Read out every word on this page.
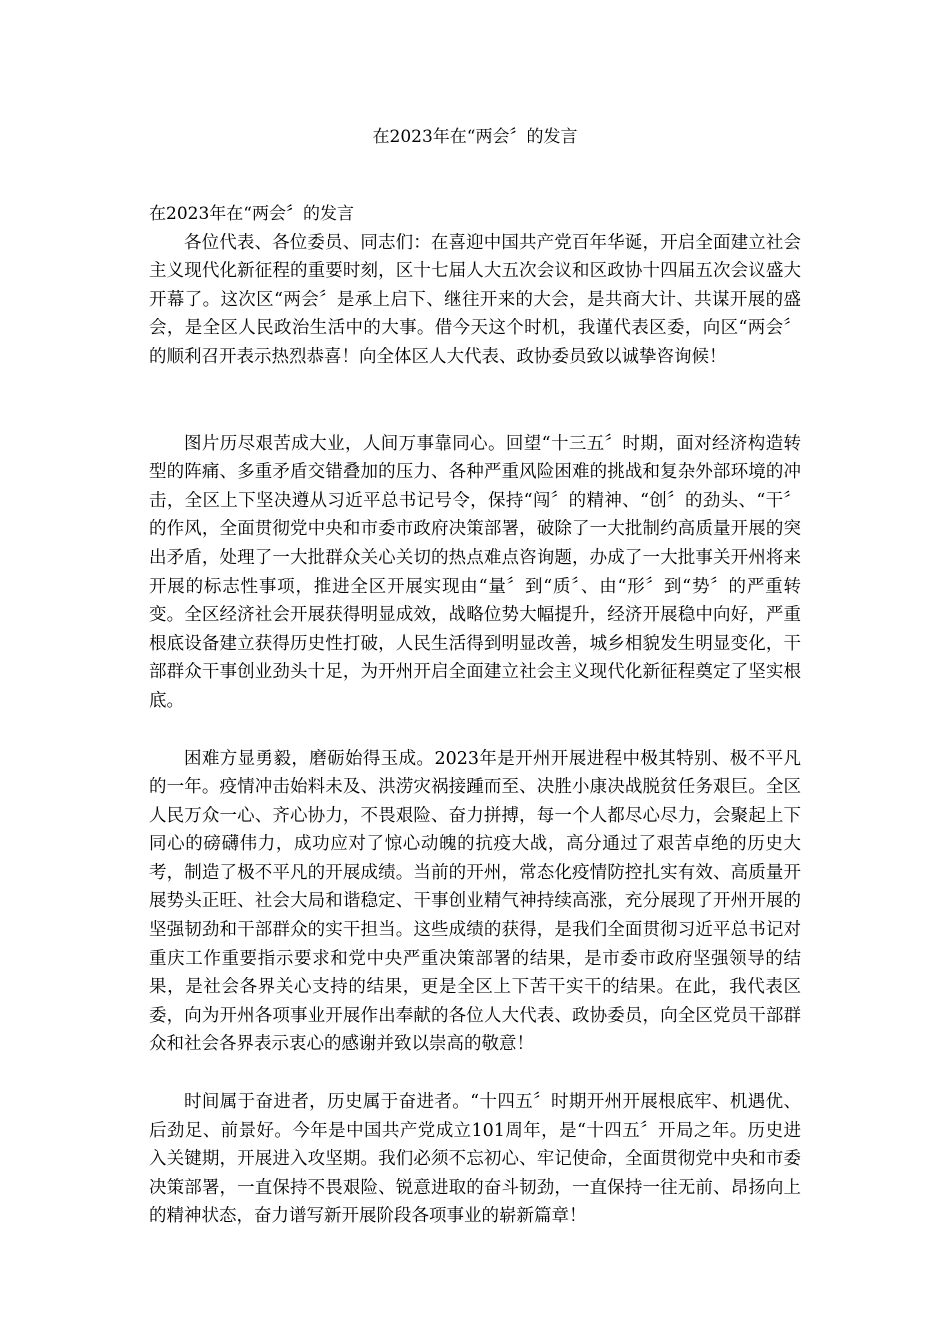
在2023年在“两会〞的发言

在2023年在“两会〞的发言

各位代表、各位委员、同志们：在喜迎中国共产党百年华诞，开启全面建立社会主义现代化新征程的重要时刻，区十七届人大五次会议和区政协十四届五次会议盛大开幕了。这次区“两会〞是承上启下、继往开来的大会，是共商大计、共谋开展的盛会，是全区人民政治生活中的大事。借今天这个时机，我谨代表区委，向区“两会〞的顺利召开表示热烈恭喜！向全体区人大代表、政协委员致以诚挚咨询候！

图片历尽艰苦成大业，人间万事靠同心。回望“十三五〞时期，面对经济构造转型的阵痛、多重矛盾交错叠加的压力、各种严重风险困难的挑战和复杂外部环境的冲击，全区上下坚决遵从习近平总书记号令，保持“闯〞的精神、“创〞的劲头、“干〞的作风，全面贯彻党中央和市委市政府决策部署，破除了一大批制约高质量开展的突出矛盾，处理了一大批群众关心关切的热点难点咨询题，办成了一大批事关开州将来开展的标志性事项，推进全区开展实现由“量〞到“质〞、由“形〞到“势〞的严重转变。全区经济社会开展获得明显成效，战略位势大幅提升，经济开展稳中向好，严重根底设备建立获得历史性打破，人民生活得到明显改善，城乡相貌发生明显变化，干部群众干事创业劲头十足，为开州开启全面建立社会主义现代化新征程奠定了坚实根底。

困难方显勇毅，磨砺始得玉成。2023年是开州开展进程中极其特别、极不平凡的一年。疫情冲击始料未及、洪涝灾祸接踵而至、决胜小康决战脱贫任务艰巨。全区人民万众一心、齐心协力，不畏艰险、奋力拼搏，每一个人都尽心尽力，会聚起上下同心的磅礴伟力，成功应对了惊心动魄的抗疫大战，高分通过了艰苦卓绝的历史大考，制造了极不平凡的开展成绩。当前的开州，常态化疫情防控扎实有效、高质量开展势头正旺、社会大局和谐稳定、干事创业精气神持续高涨，充分展现了开州开展的坚强韧劲和干部群众的实干担当。这些成绩的获得，是我们全面贯彻习近平总书记对重庆工作重要指示要求和党中央严重决策部署的结果，是市委市政府坚强领导的结果，是社会各界关心支持的结果，更是全区上下苦干实干的结果。在此，我代表区委，向为开州各项事业开展作出奉献的各位人大代表、政协委员，向全区党员干部群众和社会各界表示衷心的感谢并致以崇高的敬意！

时间属于奋进者，历史属于奋进者。“十四五〞时期开州开展根底牢、机遇优、后劲足、前景好。今年是中国共产党成立101周年，是“十四五〞开局之年。历史进入关键期，开展进入攻坚期。我们必须不忘初心、牢记使命，全面贯彻党中央和市委决策部署，一直保持不畏艰险、锐意进取的奋斗韧劲，一直保持一往无前、昂扬向上的精神状态，奋力谱写新开展阶段各项事业的崭新篇章！
